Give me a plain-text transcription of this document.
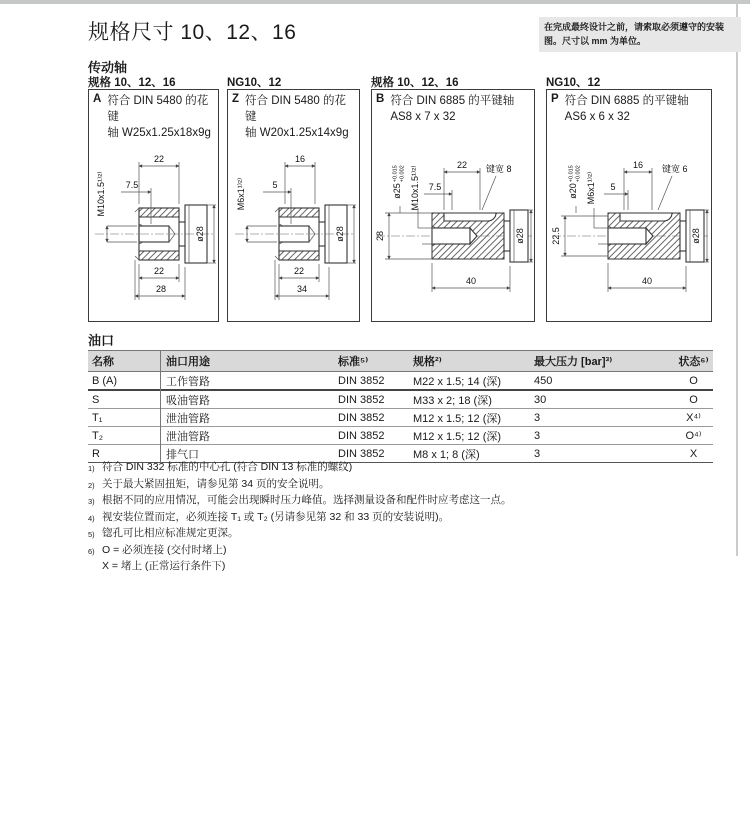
规格尺寸 10、12、16	在完成最终设计之前，请索取必须遵守的安装图。尺寸以 mm 为单位。
传动轴
规格 10、12、16	NG10、12	规格 10、12、16	NG10、12
A 符合 DIN 5480 的花键
轴 W25x1.25x18x9g
22
7.5
M10x1.5¹⁾²⁾
ø28
22
28
Z 符合 DIN 5480 的花键
轴 W20x1.25x14x9g
16
5
M6x1¹⁾²⁾
ø28
22
34
B 符合 DIN 6885 的平键轴
AS8 x 7 x 32
28
$ø25^{+0.015}+0.002$ M10x1.5¹⁾²⁾
22 键宽 8
7.5
ø28
40
P 符合 DIN 6885 的平键轴
AS6 x 6 x 32
22.5
$ø20^{+0.015}+0.002$ M6x1¹⁾²⁾
16 键宽 6
5
ø28
40
油口
名称	油口用途	标准⁵⁾	规格²⁾	最大压力 [bar]³⁾	状态⁶⁾
B (A)	工作管路	DIN 3852	M22 x 1.5; 14 (深)	450	O
S	吸油管路	DIN 3852	M33 x 2; 18 (深)	30	O
T₁	泄油管路	DIN 3852	M12 x 1.5; 12 (深)	3	X⁴⁾
T₂	泄油管路	DIN 3852	M12 x 1.5; 12 (深)	3	O⁴⁾
R	排气口	DIN 3852	M8 x 1; 8 (深)	3	X
1) 符合 DIN 332 标准的中心孔 (符合 DIN 13 标准的螺纹)
2) 关于最大紧固扭矩，请参见第 34 页的安全说明。
3) 根据不同的应用情况，可能会出现瞬时压力峰值。选择测量设备和配件时应考虑这一点。
4) 视安装位置而定，必须连接 T₁ 或 T₂ (另请参见第 32 和 33 页的安装说明)。
5) 锪孔可比相应标准规定更深。
6) O = 必须连接 (交付时堵上)
X = 堵上 (正常运行条件下)
